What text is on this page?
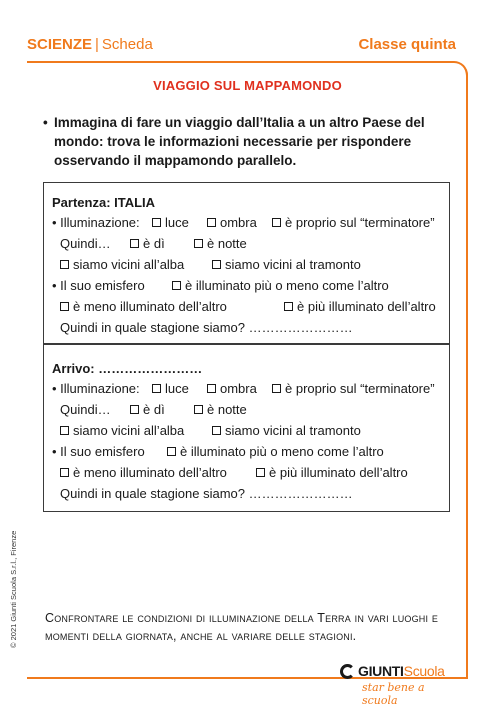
SCIENZE | Scheda	Classe quinta
VIAGGIO SUL MAPPAMONDO
• Immagina di fare un viaggio dall’Italia a un altro Paese del mondo: trova le informazioni necessarie per rispondere osservando il mappamondo parallelo.
Partenza: ITALIA
• Illuminazione:	luce	ombra	è proprio sul “terminatore”
Quindi…	è dì	è notte
siamo vicini all’alba	siamo vicini al tramonto
• Il suo emisfero	è illuminato più o meno come l’altro
è meno illuminato dell’altro	è più illuminato dell’altro
Quindi in quale stagione siamo? ……………………
Arrivo: ……………………
• Illuminazione:	luce	ombra	è proprio sul “terminatore”
Quindi…	è dì	è notte
siamo vicini all’alba	siamo vicini al tramonto
• Il suo emisfero	è illuminato più o meno come l’altro
è meno illuminato dell’altro	è più illuminato dell’altro
Quindi in quale stagione siamo? ……………………
Confrontare le condizioni di illuminazione della Terra in vari luoghi e momenti della giornata, anche al variare delle stagioni.
© 2021 Giunti Scuola S.r.l., Firenze
GIUNTIScuola
star bene a scuola
